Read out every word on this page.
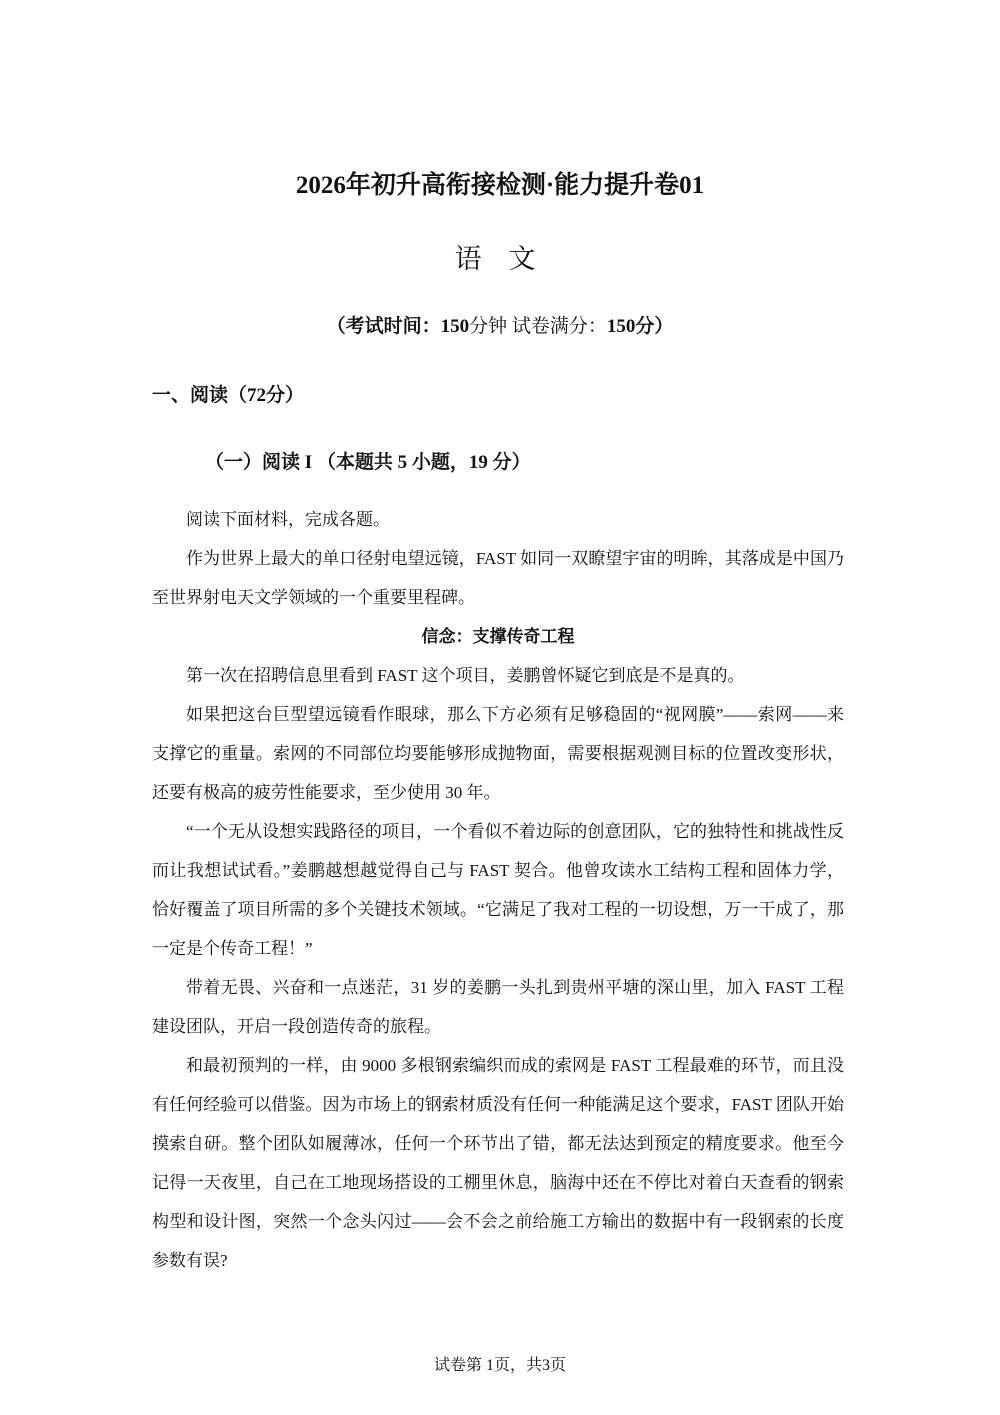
2026年初升高衔接检测·能力提升卷01
语 文
（考试时间：150分钟 试卷满分：150分）
一、阅读（72分）
（一）阅读 I （本题共 5 小题，19 分）

阅读下面材料，完成各题。

作为世界上最大的单口径射电望远镜，FAST 如同一双瞭望宇宙的明眸，其落成是中国乃至世界射电天文学领域的一个重要里程碑。

信念：支撑传奇工程

第一次在招聘信息里看到 FAST 这个项目，姜鹏曾怀疑它到底是不是真的。

如果把这台巨型望远镜看作眼球，那么下方必须有足够稳固的“视网膜”——索网——来支撑它的重量。索网的不同部位均要能够形成抛物面，需要根据观测目标的位置改变形状，还要有极高的疲劳性能要求，至少使用 30 年。

“一个无从设想实践路径的项目，一个看似不着边际的创意团队，它的独特性和挑战性反而让我想试试看。”姜鹏越想越觉得自己与 FAST 契合。他曾攻读水工结构工程和固体力学，恰好覆盖了项目所需的多个关键技术领域。“它满足了我对工程的一切设想，万一干成了，那一定是个传奇工程！”

带着无畏、兴奋和一点迷茫，31 岁的姜鹏一头扎到贵州平塘的深山里，加入 FAST 工程建设团队，开启一段创造传奇的旅程。

和最初预判的一样，由 9000 多根钢索编织而成的索网是 FAST 工程最难的环节，而且没有任何经验可以借鉴。因为市场上的钢索材质没有任何一种能满足这个要求，FAST 团队开始摸索自研。整个团队如履薄冰，任何一个环节出了错，都无法达到预定的精度要求。他至今记得一天夜里，自己在工地现场搭设的工棚里休息，脑海中还在不停比对着白天查看的钢索构型和设计图，突然一个念头闪过——会不会之前给施工方输出的数据中有一段钢索的长度参数有误?

试卷第 1页，共3页
